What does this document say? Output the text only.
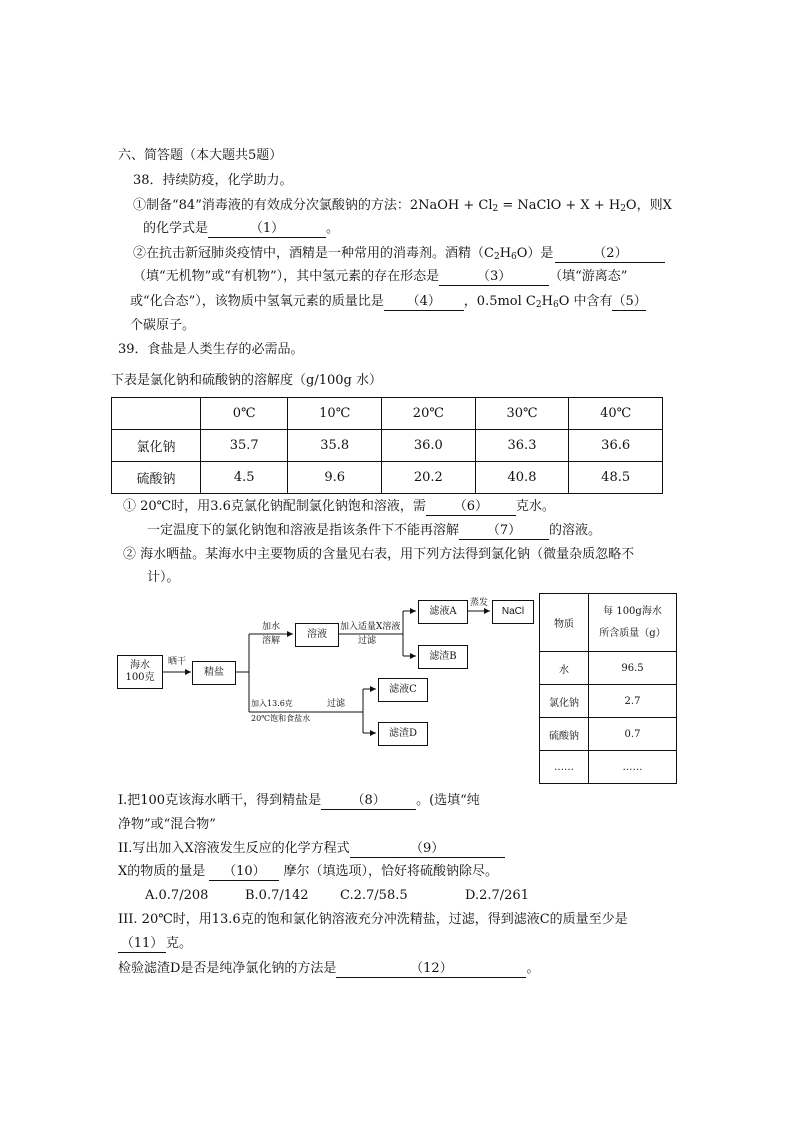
六、简答题（本大题共5题）
38．持续防疫，化学助力。
①制备“84”消毒液的有效成分次氯酸钠的方法：2NaOH + $Cl_2$ = NaClO + $X + H_2O$，则X
的化学式是	（1）	。
②在抗击新冠肺炎疫情中，酒精是一种常用的消毒剂。酒精$(C_2H_6O)$是	（2）
（填“无机物”或“有机物”），其中氢元素的存在形态是	（3）	（填“游离态”
或“化合态”），该物质中氢氧元素的质量比是 （4） ，0.5mol $C_2H_6O$ 中含有（5）
个碳原子。
39．食盐是人类生存的必需品。
下表是氯化钠和硫酸钠的溶解度（g/100g 水）
	0℃	10℃	20℃	30℃	40℃
氯化钠	35.7	35.8	36.0	36.3	36.6
硫酸钠	4.5	9.6	20.2	40.8	48.5
① 20℃时，用3.6克氯化钠配制氯化钠饱和溶液，需 （6） 克水。
一定温度下的氯化钠饱和溶液是指该条件下不能再溶解 （7） 的溶液。
② 海水晒盐。某海水中主要物质的含量见右表，用下列方法得到氯化钠（微量杂质忽略不
计）。
海水
100克
晒干
精盐
加水
溶解
溶液
加入适量X溶液
过滤
滤液A
蒸发
NaCl
滤渣B
加入13.6克
20℃饱和食盐水
过滤
滤液C
滤渣D
物质	每 100g海水
所含质量（g）

水	96.5
氯化钠	2.7
硫酸钠	0.7
……	……
I.把100克该海水晒干，得到精盐是 （8） 。(选填“纯
净物”或“混合物”
II.写出加入X溶液发生反应的化学方程式	（9）
X的物质的量是 （10） 摩尔（填选项），恰好将硫酸钠除尽。
A.0.7/208	B.0.7/142 C.2.7/58.5	D.2.7/261
III. 20℃时，用13.6克的饱和氯化钠溶液充分冲洗精盐，过滤，得到滤液C的质量至少是
（11） 克。
检验滤渣D是否是纯净氯化钠的方法是	（12）	。
